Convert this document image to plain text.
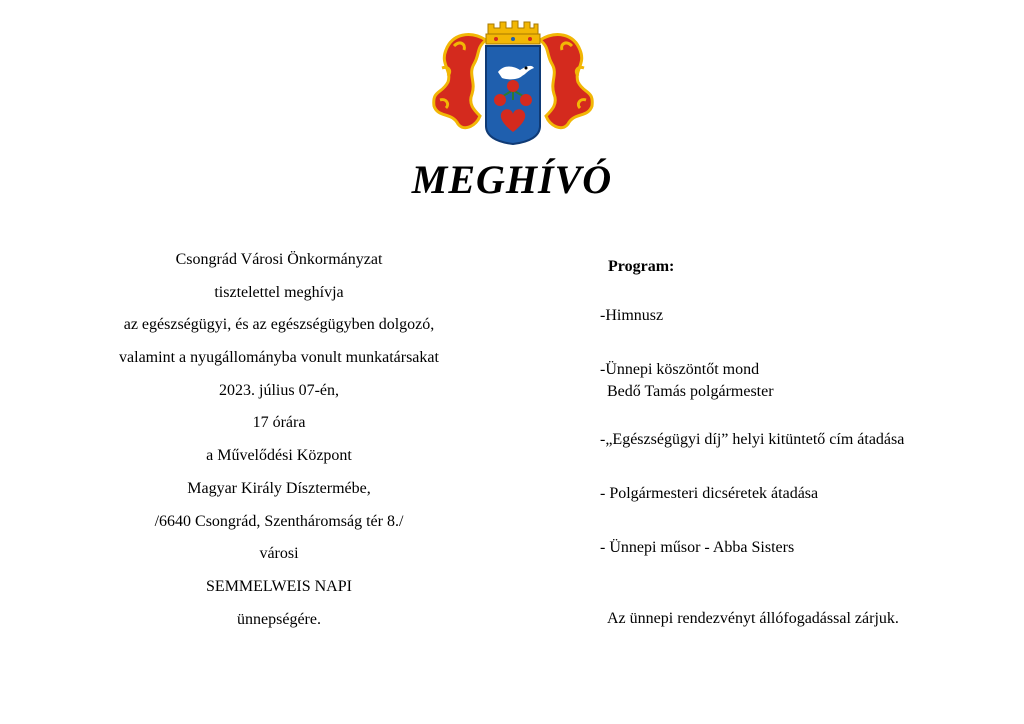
MEGHÍVÓ
Csongrád Városi Önkormányzat
tisztelettel meghívja
az egészségügyi, és az egészségügyben dolgozó,
valamint a nyugállományba vonult munkatársakat
2023. július 07-én,
17 órára
a Művelődési Központ
Magyar Király Dísztermébe,
/6640 Csongrád, Szentháromság tér 8./
városi
SEMMELWEIS NAPI
ünnepségére.
Program:
-Himnusz
-Ünnepi köszöntőt mond
Bedő Tamás polgármester
-„Egészségügyi díj” helyi kitüntető cím átadása
- Polgármesteri dicséretek átadása
- Ünnepi műsor - Abba Sisters
Az ünnepi rendezvényt állófogadással zárjuk.
